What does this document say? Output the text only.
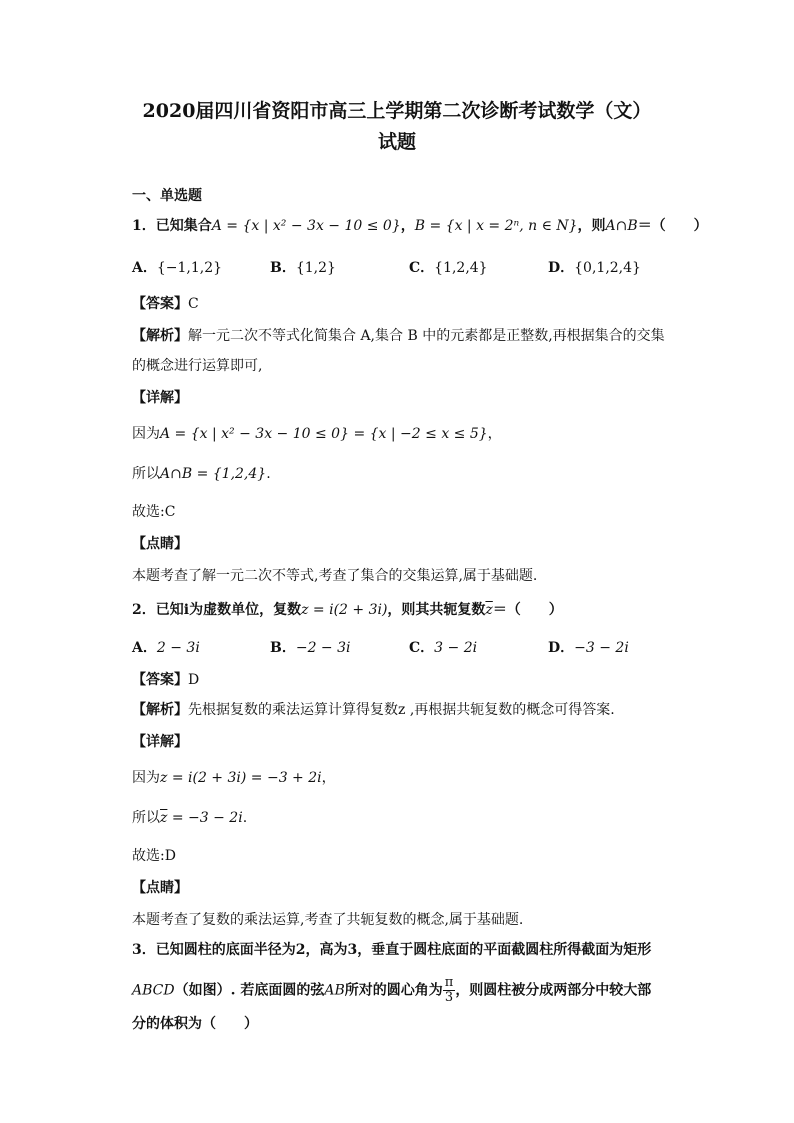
2020届四川省资阳市高三上学期第二次诊断考试数学（文）
试题
一、单选题
1．已知集合A = {x | x² − 3x − 10 ≤ 0}，B = {x | x = 2ⁿ, n ∈ N}，则A∩B＝（　　）
A．{−1,1,2}	B．{1,2}	C．{1,2,4}	D．{0,1,2,4}
【答案】C
【解析】解一元二次不等式化简集合 A,集合 B 中的元素都是正整数,再根据集合的交集
的概念进行运算即可,
【详解】
因为A = {x | x² − 3x − 10 ≤ 0} = {x | −2 ≤ x ≤ 5}，
所以A∩B = {1,2,4}.
故选:C
【点睛】
本题考查了解一元二次不等式,考查了集合的交集运算,属于基础题.
2．已知i为虚数单位，复数z = i(2 + 3i)，则其共轭复数$\overline{z}=$（　　）
A．2 − 3i	B．−2 − 3i	C．3 − 2i	D．−3 − 2i
【答案】D
【解析】先根据复数的乘法运算计算得复数z ,再根据共轭复数的概念可得答案.
【详解】
因为z = i(2 + 3i) = −3 + 2i，
所以$\overline{z} = -3 - 2i$.
故选:D
【点睛】
本题考查了复数的乘法运算,考查了共轭复数的概念,属于基础题.
3．已知圆柱的底面半径为2，高为3，垂直于圆柱底面的平面截圆柱所得截面为矩形
ABCD（如图）. 若底面圆的弦AB所对的圆心角为 $\frac{\pi}{3}$ ，则圆柱被分成两部分中较大部
分的体积为（　　）
